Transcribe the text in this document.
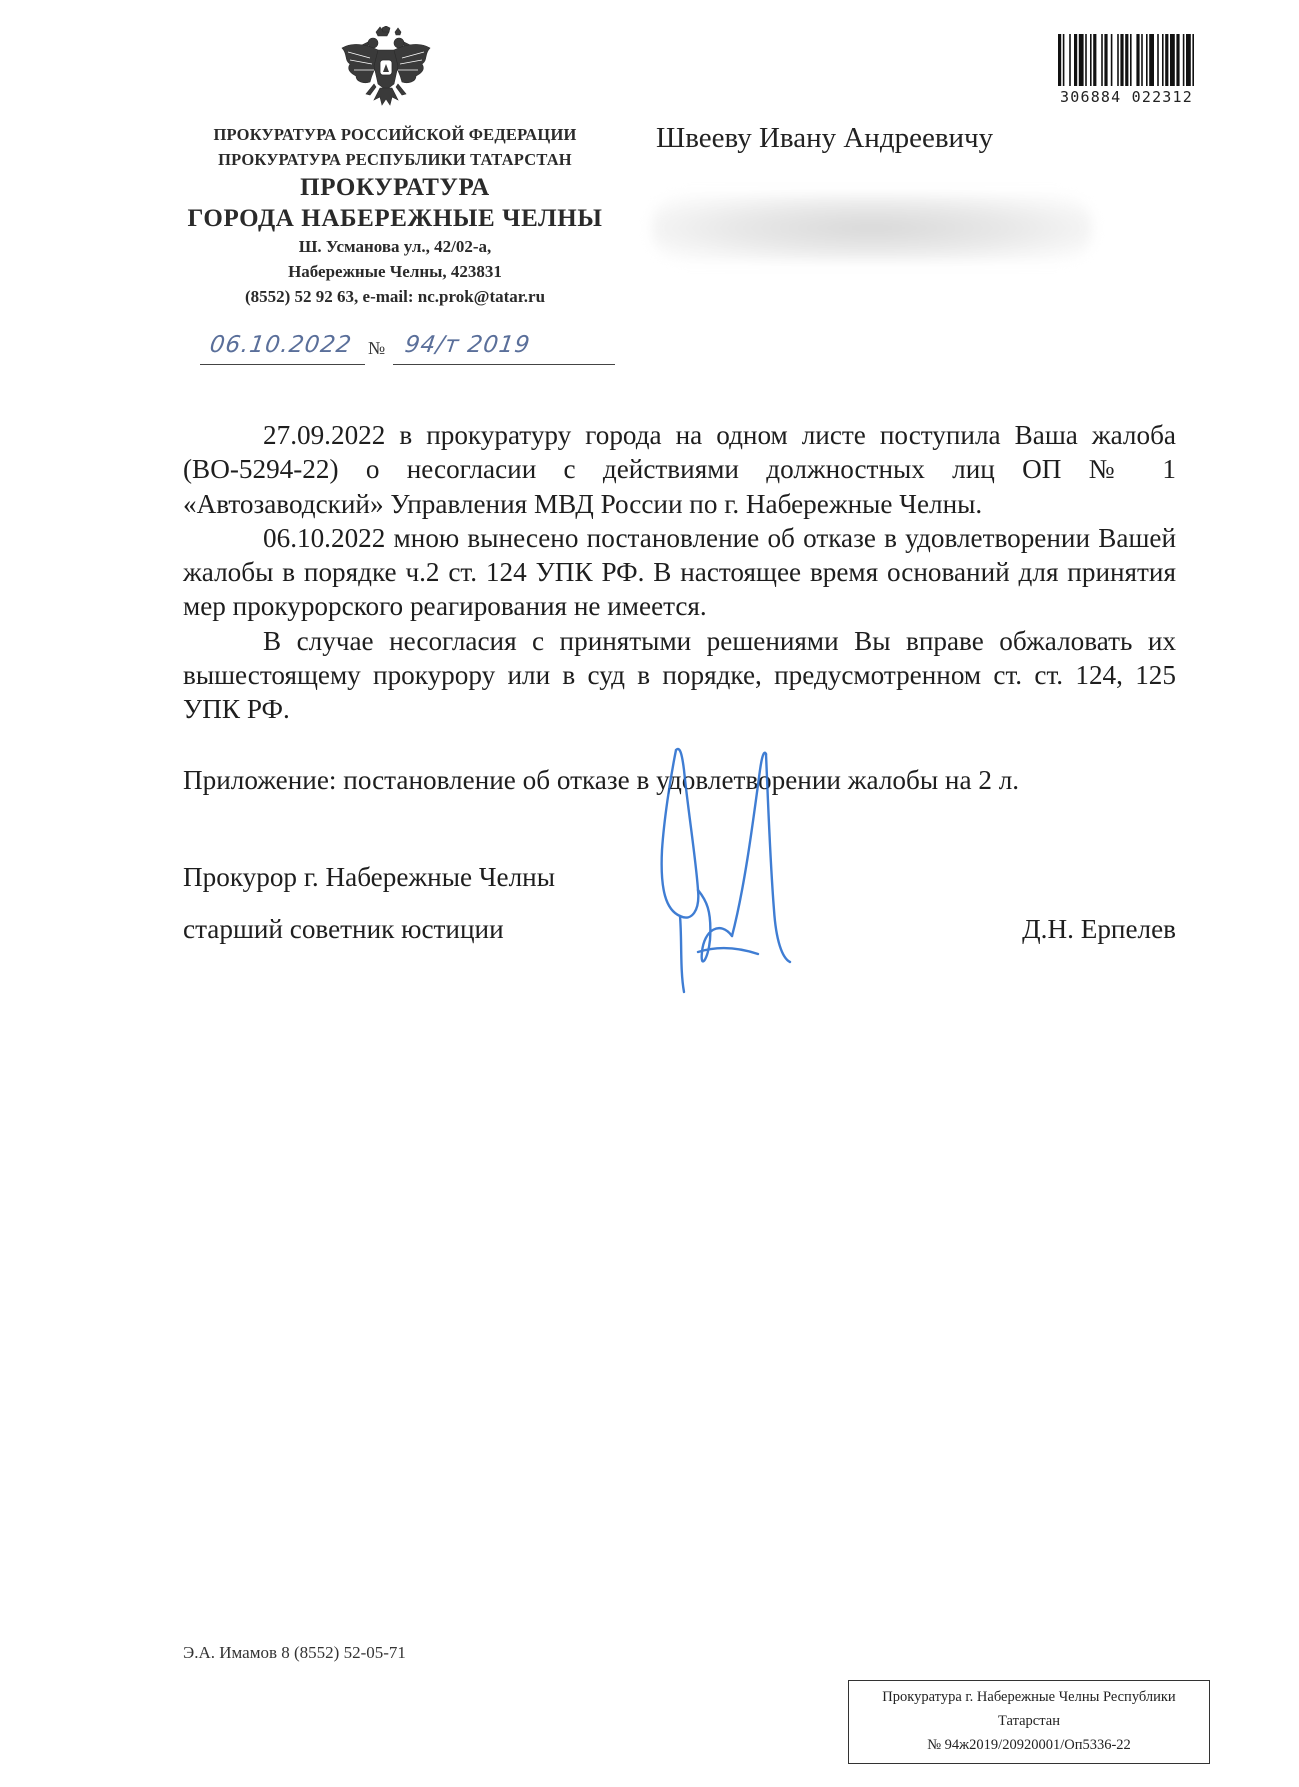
ПРОКУРАТУРА РОССИЙСКОЙ ФЕДЕРАЦИИ
ПРОКУРАТУРА РЕСПУБЛИКИ ТАТАРСТАН
ПРОКУРАТУРА
ГОРОДА НАБЕРЕЖНЫЕ ЧЕЛНЫ
Ш. Усманова ул., 42/02-а,
Набережные Челны, 423831
(8552) 52 92 63, e-mail: nc.prok@tatar.ru
06.10.2022 № 94/т 2019
306884 022312
Швееву Ивану Андреевичу

27.09.2022 в прокуратуру города на одном листе поступила Ваша жалоба (ВО-5294-22) о несогласии с действиями должностных лиц ОП № 1 «Автозаводский» Управления МВД России по г. Набережные Челны.

06.10.2022 мною вынесено постановление об отказе в удовлетворении Вашей жалобы в порядке ч.2 ст. 124 УПК РФ. В настоящее время оснований для принятия мер прокурорского реагирования не имеется.

В случае несогласия с принятыми решениями Вы вправе обжаловать их вышестоящему прокурору или в суд в порядке, предусмотренном ст. ст. 124, 125 УПК РФ.

Приложение: постановление об отказе в удовлетворении жалобы на 2 л.
Прокурор г. Набережные Челны
старший советник юстиции	Д.Н. Ерпелев
Э.А. Имамов 8 (8552) 52-05-71
Прокуратура г. Набережные Челны Республики
Татарстан
№ 94ж2019/20920001/Оп5336-22
